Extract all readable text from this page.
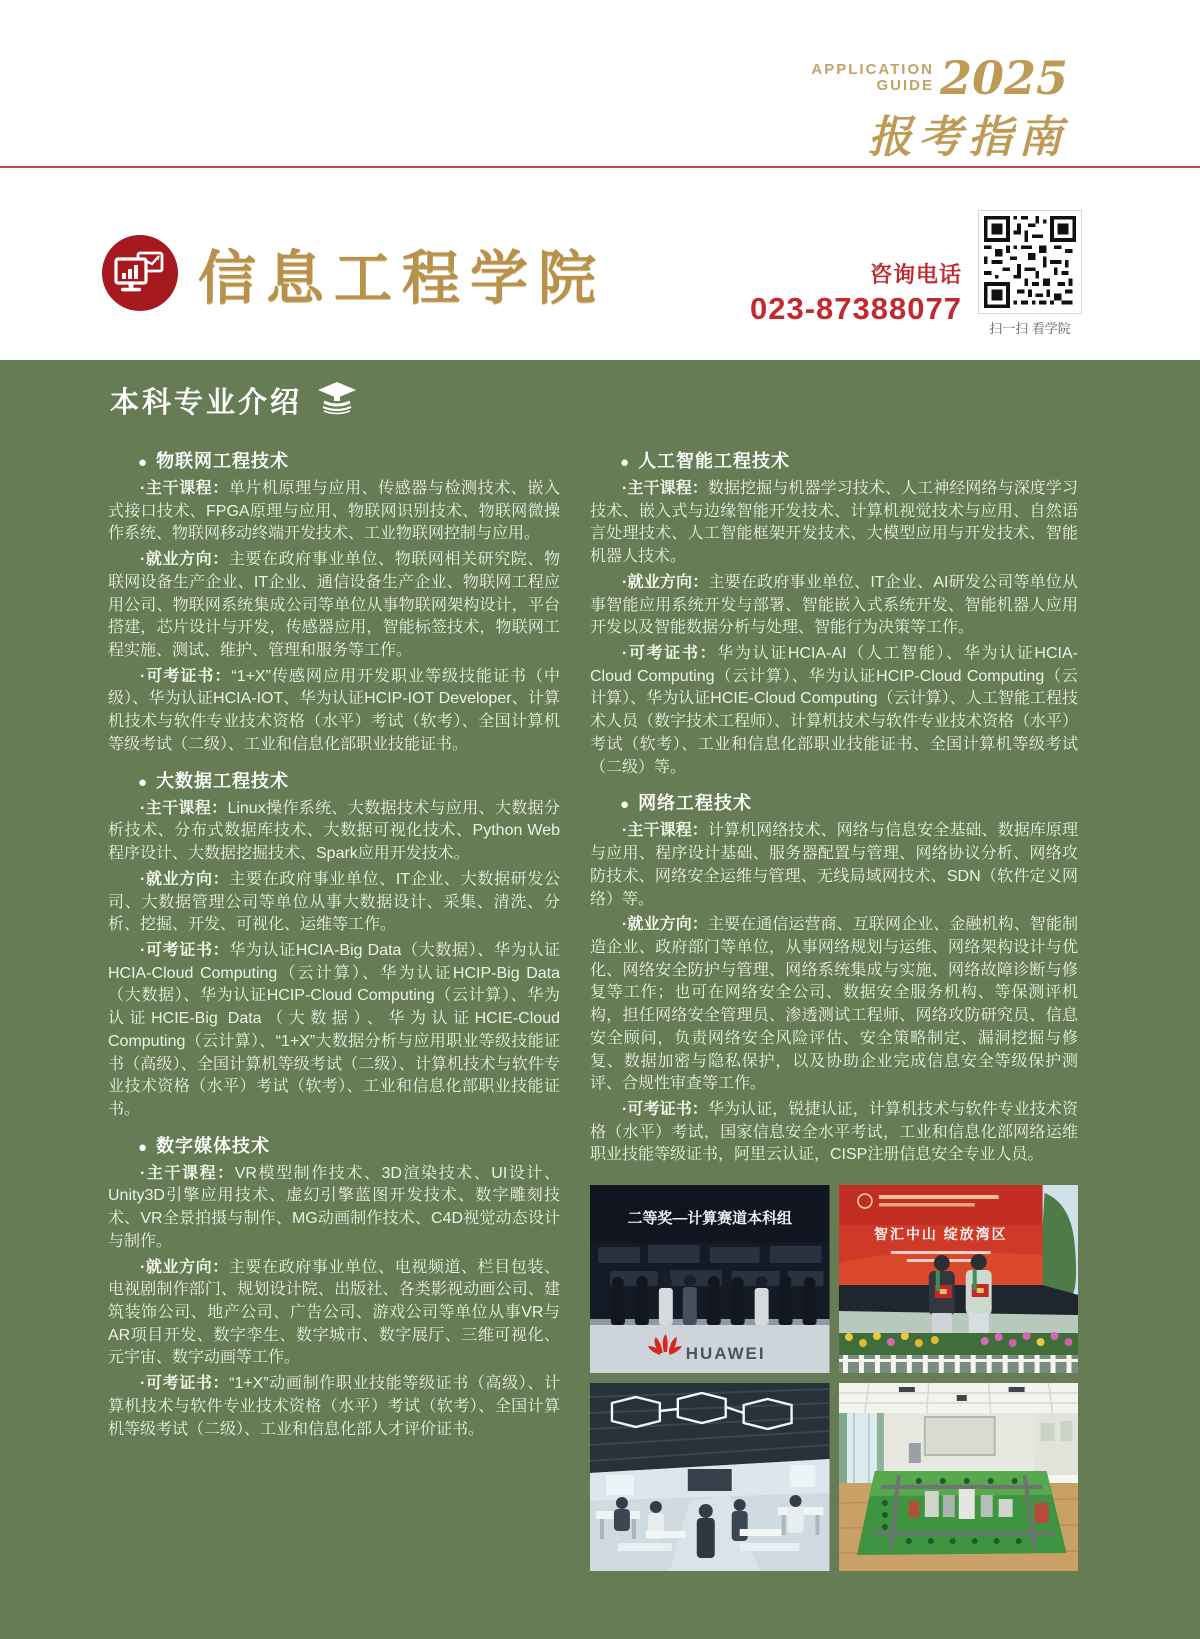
APPLICATION
GUIDE 2025
报考指南
信息工程学院	咨询电话
023-87388077
扫一扫 看学院
本科专业介绍
● 物联网工程技术

·主干课程：单片机原理与应用、传感器与检测技术、嵌入式接口技术、FPGA原理与应用、物联网识别技术、物联网微操作系统、物联网移动终端开发技术、工业物联网控制与应用。

·就业方向：主要在政府事业单位、物联网相关研究院、物联网设备生产企业、IT企业、通信设备生产企业、物联网工程应用公司、物联网系统集成公司等单位从事物联网架构设计，平台搭建，芯片设计与开发，传感器应用，智能标签技术，物联网工程实施、测试、维护、管理和服务等工作。

·可考证书：“1+X”传感网应用开发职业等级技能证书（中级）、华为认证HCIA-IOT、华为认证HCIP-IOT Developer、计算机技术与软件专业技术资格（水平）考试（软考）、全国计算机等级考试（二级）、工业和信息化部职业技能证书。

● 大数据工程技术

·主干课程：Linux操作系统、大数据技术与应用、大数据分析技术、分布式数据库技术、大数据可视化技术、Python Web程序设计、大数据挖掘技术、Spark应用开发技术。

·就业方向：主要在政府事业单位、IT企业、大数据研发公司、大数据管理公司等单位从事大数据设计、采集、清洗、分析、挖掘、开发、可视化、运维等工作。

·可考证书：华为认证HCIA-Big Data（大数据）、华为认证HCIA-Cloud Computing（云计算）、华为认证HCIP-Big Data（大数据）、华为认证HCIP-Cloud Computing（云计算）、华为认证HCIE-Big Data（大数据）、华为认证HCIE-Cloud Computing（云计算）、“1+X”大数据分析与应用职业等级技能证书（高级）、全国计算机等级考试（二级）、计算机技术与软件专业技术资格（水平）考试（软考）、工业和信息化部职业技能证书。

● 数字媒体技术

·主干课程：VR模型制作技术、3D渲染技术、UI设计、Unity3D引擎应用技术、虚幻引擎蓝图开发技术、数字雕刻技术、VR全景拍摄与制作、MG动画制作技术、C4D视觉动态设计与制作。

·就业方向：主要在政府事业单位、电视频道、栏目包装、电视剧制作部门、规划设计院、出版社、各类影视动画公司、建筑装饰公司、地产公司、广告公司、游戏公司等单位从事VR与AR项目开发、数字孪生、数字城市、数字展厅、三维可视化、元宇宙、数字动画等工作。

·可考证书：“1+X”动画制作职业技能等级证书（高级）、计算机技术与软件专业技术资格（水平）考试（软考）、全国计算机等级考试（二级）、工业和信息化部人才评价证书。

● 人工智能工程技术

·主干课程：数据挖掘与机器学习技术、人工神经网络与深度学习技术、嵌入式与边缘智能开发技术、计算机视觉技术与应用、自然语言处理技术、人工智能框架开发技术、大模型应用与开发技术、智能机器人技术。

·就业方向：主要在政府事业单位、IT企业、AI研发公司等单位从事智能应用系统开发与部署、智能嵌入式系统开发、智能机器人应用开发以及智能数据分析与处理、智能行为决策等工作。

·可考证书：华为认证HCIA-AI（人工智能）、华为认证HCIA-Cloud Computing（云计算）、华为认证HCIP-Cloud Computing（云计算）、华为认证HCIE-Cloud Computing（云计算）、人工智能工程技术人员（数字技术工程师）、计算机技术与软件专业技术资格（水平）考试（软考）、工业和信息化部职业技能证书、全国计算机等级考试（二级）等。

● 网络工程技术

·主干课程：计算机网络技术、网络与信息安全基础、数据库原理与应用、程序设计基础、服务器配置与管理、网络协议分析、网络攻防技术、网络安全运维与管理、无线局域网技术、SDN（软件定义网络）等。

·就业方向：主要在通信运营商、互联网企业、金融机构、智能制造企业、政府部门等单位，从事网络规划与运维、网络架构设计与优化、网络安全防护与管理、网络系统集成与实施、网络故障诊断与修复等工作；也可在网络安全公司、数据安全服务机构、等保测评机构，担任网络安全管理员、渗透测试工程师、网络攻防研究员、信息安全顾问，负责网络安全风险评估、安全策略制定、漏洞挖掘与修复、数据加密与隐私保护，以及协助企业完成信息安全等级保护测评、合规性审查等工作。

·可考证书：华为认证，锐捷认证，计算机技术与软件专业技术资格（水平）考试，国家信息安全水平考试，工业和信息化部网络运维职业技能等级证书，阿里云认证，CISP注册信息安全专业人员。

二等奖—计算赛道本科组
HUAWEI
智汇中山 绽放湾区
